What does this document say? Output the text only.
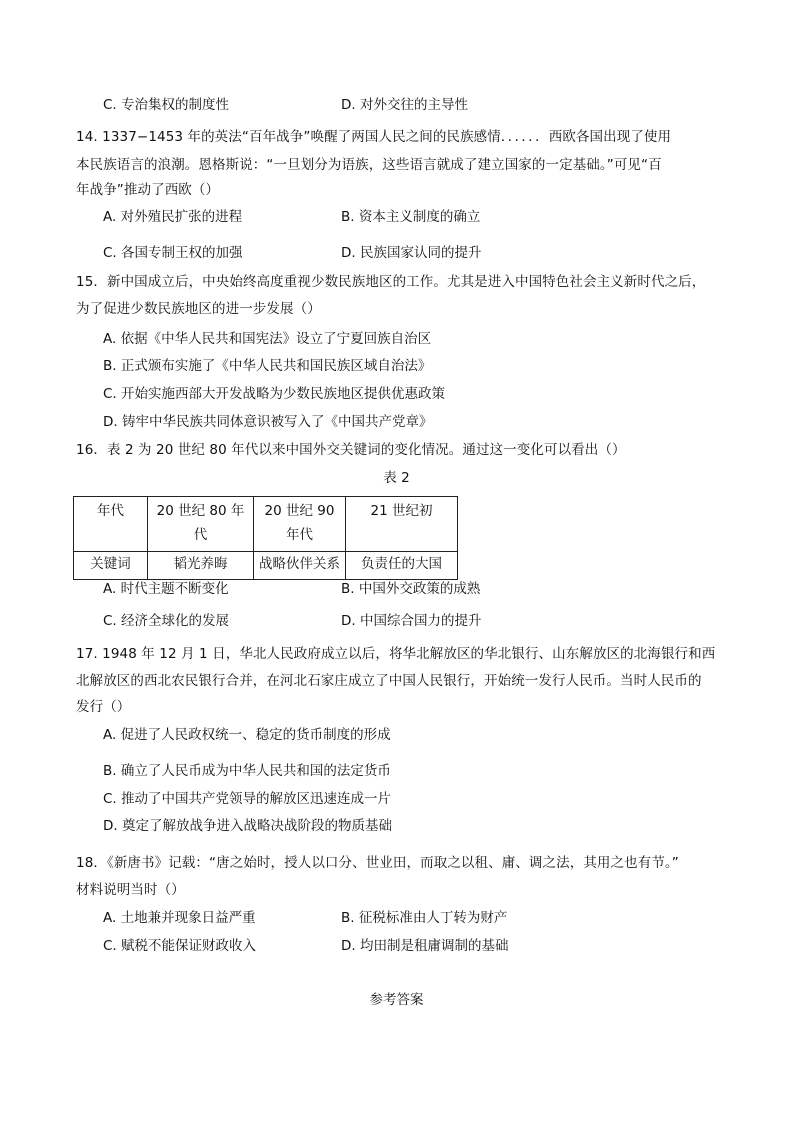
C. 专治集权的制度性	D. 对外交往的主导性
14. 1337−1453 年的英法“百年战争”唤醒了两国人民之间的民族感情．．．．．．西欧各国出现了使用
本民族语言的浪潮。恩格斯说：“一旦划分为语族，这些语言就成了建立国家的一定基础。”可见“百
年战争”推动了西欧（）
A. 对外殖民扩张的进程	B. 资本主义制度的确立
C. 各国专制王权的加强	D. 民族国家认同的提升
15．新中国成立后，中央始终高度重视少数民族地区的工作。尤其是进入中国特色社会主义新时代之后，
为了促进少数民族地区的进一步发展（）
A. 依据《中华人民共和国宪法》设立了宁夏回族自治区
B. 正式颁布实施了《中华人民共和国民族区域自治法》
C. 开始实施西部大开发战略为少数民族地区提供优惠政策
D. 铸牢中华民族共同体意识被写入了《中国共产党章》
16．表 2 为 20 世纪 80 年代以来中国外交关键词的变化情况。通过这一变化可以看出（）
表 2
年代	20 世纪 80 年代	20 世纪 90 年代	21 世纪初
关键词	韬光养晦	战略伙伴关系	负责任的大国
A. 时代主题不断变化	B. 中国外交政策的成熟
C. 经济全球化的发展	D. 中国综合国力的提升
17. 1948 年 12 月 1 日，华北人民政府成立以后，将华北解放区的华北银行、山东解放区的北海银行和西
北解放区的西北农民银行合并，在河北石家庄成立了中国人民银行，开始统一发行人民币。当时人民币的
发行（）
A. 促进了人民政权统一、稳定的货币制度的形成
B. 确立了人民币成为中华人民共和国的法定货币
C. 推动了中国共产党领导的解放区迅速连成一片
D. 奠定了解放战争进入战略决战阶段的物质基础
18．《新唐书》记载：“唐之始时，授人以口分、世业田，而取之以租、庸、调之法，其用之也有节。”
材料说明当时（）
A. 土地兼并现象日益严重	B. 征税标准由人丁转为财产
C. 赋税不能保证财政收入	D. 均田制是租庸调制的基础
参考答案
